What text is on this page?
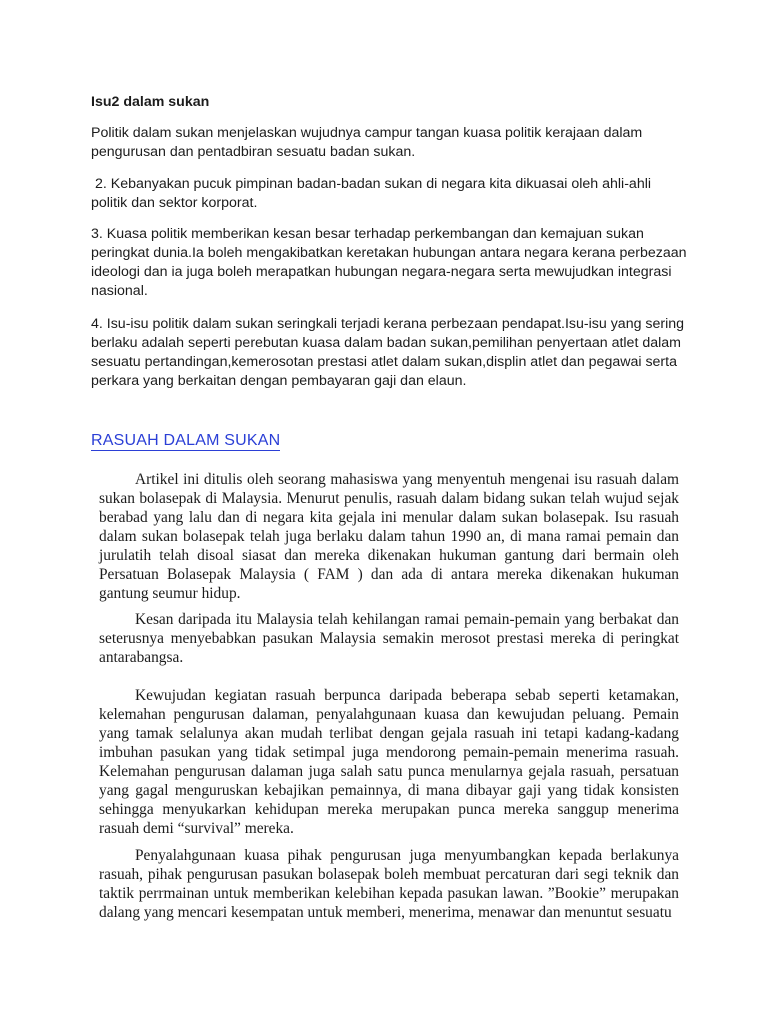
Isu2 dalam sukan

Politik dalam sukan menjelaskan wujudnya campur tangan kuasa politik kerajaan dalam pengurusan dan pentadbiran sesuatu badan sukan.

2. Kebanyakan pucuk pimpinan badan-badan sukan di negara kita dikuasai oleh ahli-ahli politik dan sektor korporat.

3. Kuasa politik memberikan kesan besar terhadap perkembangan dan kemajuan sukan peringkat dunia.Ia boleh mengakibatkan keretakan hubungan antara negara kerana perbezaan ideologi dan ia juga boleh merapatkan hubungan negara-negara serta mewujudkan integrasi nasional.

4. Isu-isu politik dalam sukan seringkali terjadi kerana perbezaan pendapat.Isu-isu yang sering berlaku adalah seperti perebutan kuasa dalam badan sukan,pemilihan penyertaan atlet dalam sesuatu pertandingan,kemerosotan prestasi atlet dalam sukan,displin atlet dan pegawai serta perkara yang berkaitan dengan pembayaran gaji dan elaun.

RASUAH DALAM SUKAN

Artikel ini ditulis oleh seorang mahasiswa yang menyentuh mengenai isu rasuah dalam sukan bolasepak di Malaysia. Menurut penulis, rasuah dalam bidang sukan telah wujud sejak berabad yang lalu dan di negara kita gejala ini menular dalam sukan bolasepak. Isu rasuah dalam sukan bolasepak telah juga berlaku dalam tahun 1990 an, di mana ramai pemain dan jurulatih telah disoal siasat dan mereka dikenakan hukuman gantung dari bermain oleh Persatuan Bolasepak Malaysia ( FAM ) dan ada di antara mereka dikenakan hukuman gantung seumur hidup.

Kesan daripada itu Malaysia telah kehilangan ramai pemain-pemain yang berbakat dan seterusnya menyebabkan pasukan Malaysia semakin merosot prestasi mereka di peringkat antarabangsa.

Kewujudan kegiatan rasuah berpunca daripada beberapa sebab seperti ketamakan, kelemahan pengurusan dalaman, penyalahgunaan kuasa dan kewujudan peluang. Pemain yang tamak selalunya akan mudah terlibat dengan gejala rasuah ini tetapi kadang-kadang imbuhan pasukan yang tidak setimpal juga mendorong pemain-pemain menerima rasuah. Kelemahan pengurusan dalaman juga salah satu punca menularnya gejala rasuah, persatuan yang gagal menguruskan kebajikan pemainnya, di mana dibayar gaji yang tidak konsisten sehingga menyukarkan kehidupan mereka merupakan punca mereka sanggup menerima rasuah demi “survival” mereka.

Penyalahgunaan kuasa pihak pengurusan juga menyumbangkan kepada berlakunya rasuah, pihak pengurusan pasukan bolasepak boleh membuat percaturan dari segi teknik dan taktik perrmainan untuk memberikan kelebihan kepada pasukan lawan. ”Bookie” merupakan dalang yang mencari kesempatan untuk memberi, menerima, menawar dan menuntut sesuatu
